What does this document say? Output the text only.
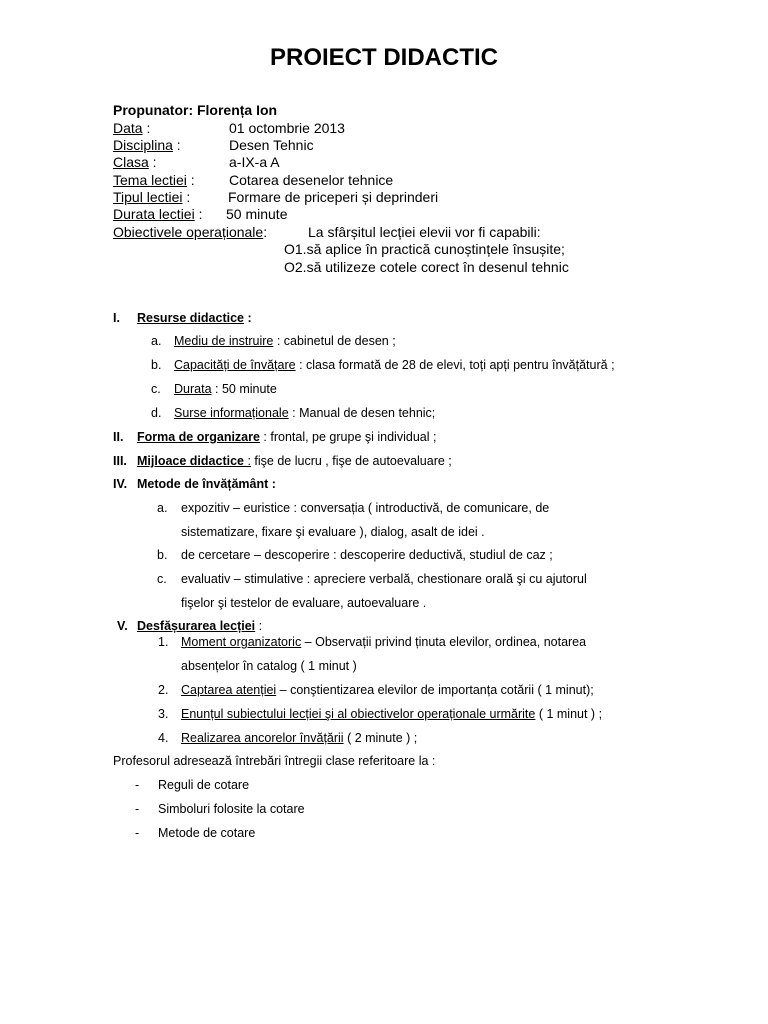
PROIECT DIDACTIC
Propunator: Florența Ion
Data :	01 octombrie 2013
Disciplina :	Desen Tehnic
Clasa :	a-IX-a A
Tema lectiei : Cotarea desenelor tehnice
Tipul lectiei :	Formare de priceperi și deprinderi
Durata lectiei : 50 minute
Obiectivele operaționale:	La sfârșitul lecției elevii vor fi capabili:
O1.să aplice în practică cunoștințele însușite;
O2.să utilizeze cotele corect în desenul tehnic
I. Resurse didactice :
a. Mediu de instruire : cabinetul de desen ;
b. Capacități de învățare : clasa formată de 28 de elevi, toți apți pentru învățătură ;
c. Durata : 50 minute
d. Surse informaționale : Manual de desen tehnic;
II. Forma de organizare : frontal, pe grupe şi individual ;
III. Mijloace didactice : fişe de lucru , fişe de autoevaluare ;
IV. Metode de învățământ :
a. expozitiv – euristice : conversația ( introductivă, de comunicare, de
sistematizare, fixare şi evaluare ), dialog, asalt de idei .
b. de cercetare – descoperire : descoperire deductivă, studiul de caz ;
c. evaluativ – stimulative : apreciere verbală, chestionare orală şi cu ajutorul
fişelor şi testelor de evaluare, autoevaluare .
V. Desfășurarea lecției :
1. Moment organizatoric – Observații privind ținuta elevilor, ordinea, notarea
absențelor în catalog ( 1 minut )
2. Captarea atenției – conştientizarea elevilor de importanța cotării ( 1 minut);
3. Enunțul subiectului lecției şi al obiectivelor operaționale urmărite ( 1 minut ) ;
4. Realizarea ancorelor învățării ( 2 minute ) ;
Profesorul adresează întrebări întregii clase referitoare la :
- Reguli de cotare
- Simboluri folosite la cotare
- Metode de cotare
